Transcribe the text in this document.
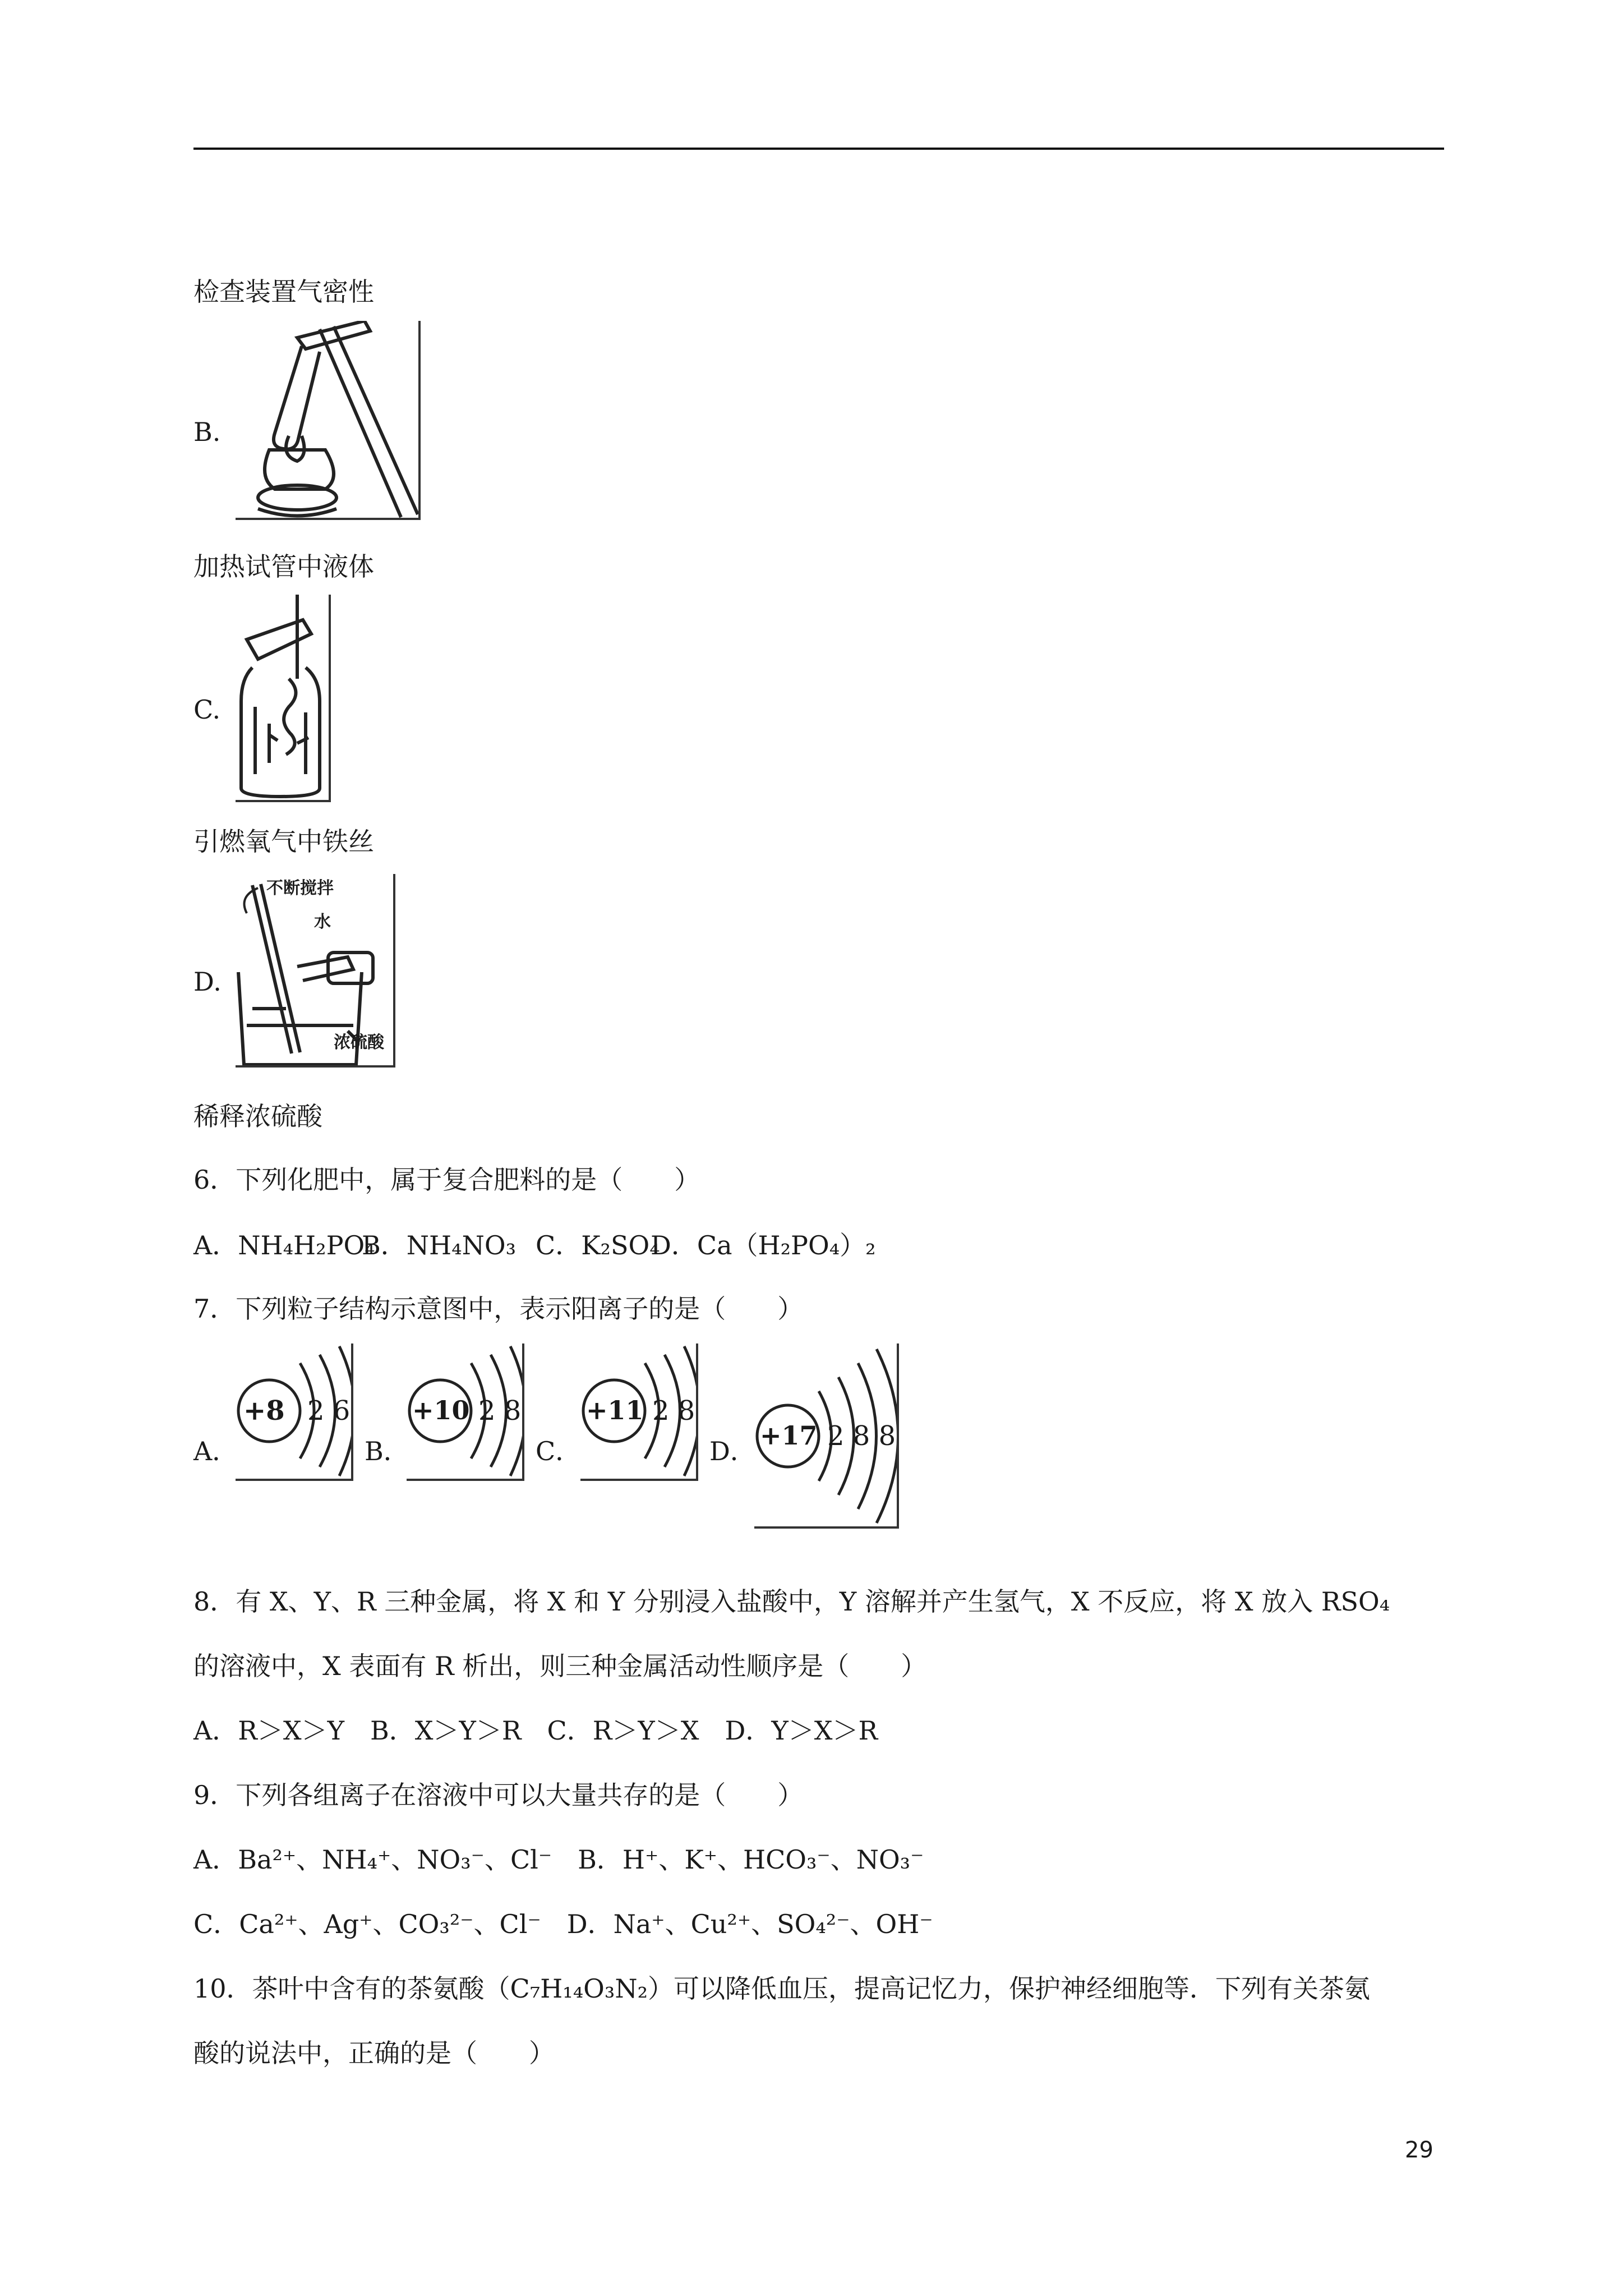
检查装置气密性
B.
加热试管中液体
C.
引燃氧气中铁丝
D.
不断搅拌
水
浓硫酸
稀释浓硫酸
6．下列化肥中，属于复合肥料的是（　　）
A．NH₄H₂PO₄
B．NH₄NO₃ C．K₂SO₄
D．Ca（H₂PO₄）₂
7．下列粒子结构示意图中，表示阳离子的是（　　）
A．
+8 2 6
B．
+10 2 8
C．
+11 2 8
D．
+17 2 8 8
8．有 X、Y、R 三种金属，将 X 和 Y 分别浸入盐酸中，Y 溶解并产生氢气，X 不反应，将 X 放入 RSO₄
的溶液中，X 表面有 R 析出，则三种金属活动性顺序是（　　）
A．R＞X＞Y　B．X＞Y＞R　C．R＞Y＞X　D．Y＞X＞R
9．下列各组离子在溶液中可以大量共存的是（　　）
A．Ba²⁺、NH₄⁺、NO₃⁻、Cl⁻　B．H⁺、K⁺、HCO₃⁻、NO₃⁻
C．Ca²⁺、Ag⁺、CO₃²⁻、Cl⁻　D．Na⁺、Cu²⁺、SO₄²⁻、OH⁻
10．茶叶中含有的茶氨酸（C₇H₁₄O₃N₂）可以降低血压，提高记忆力，保护神经细胞等．下列有关茶氨
酸的说法中，正确的是（　　）
29
